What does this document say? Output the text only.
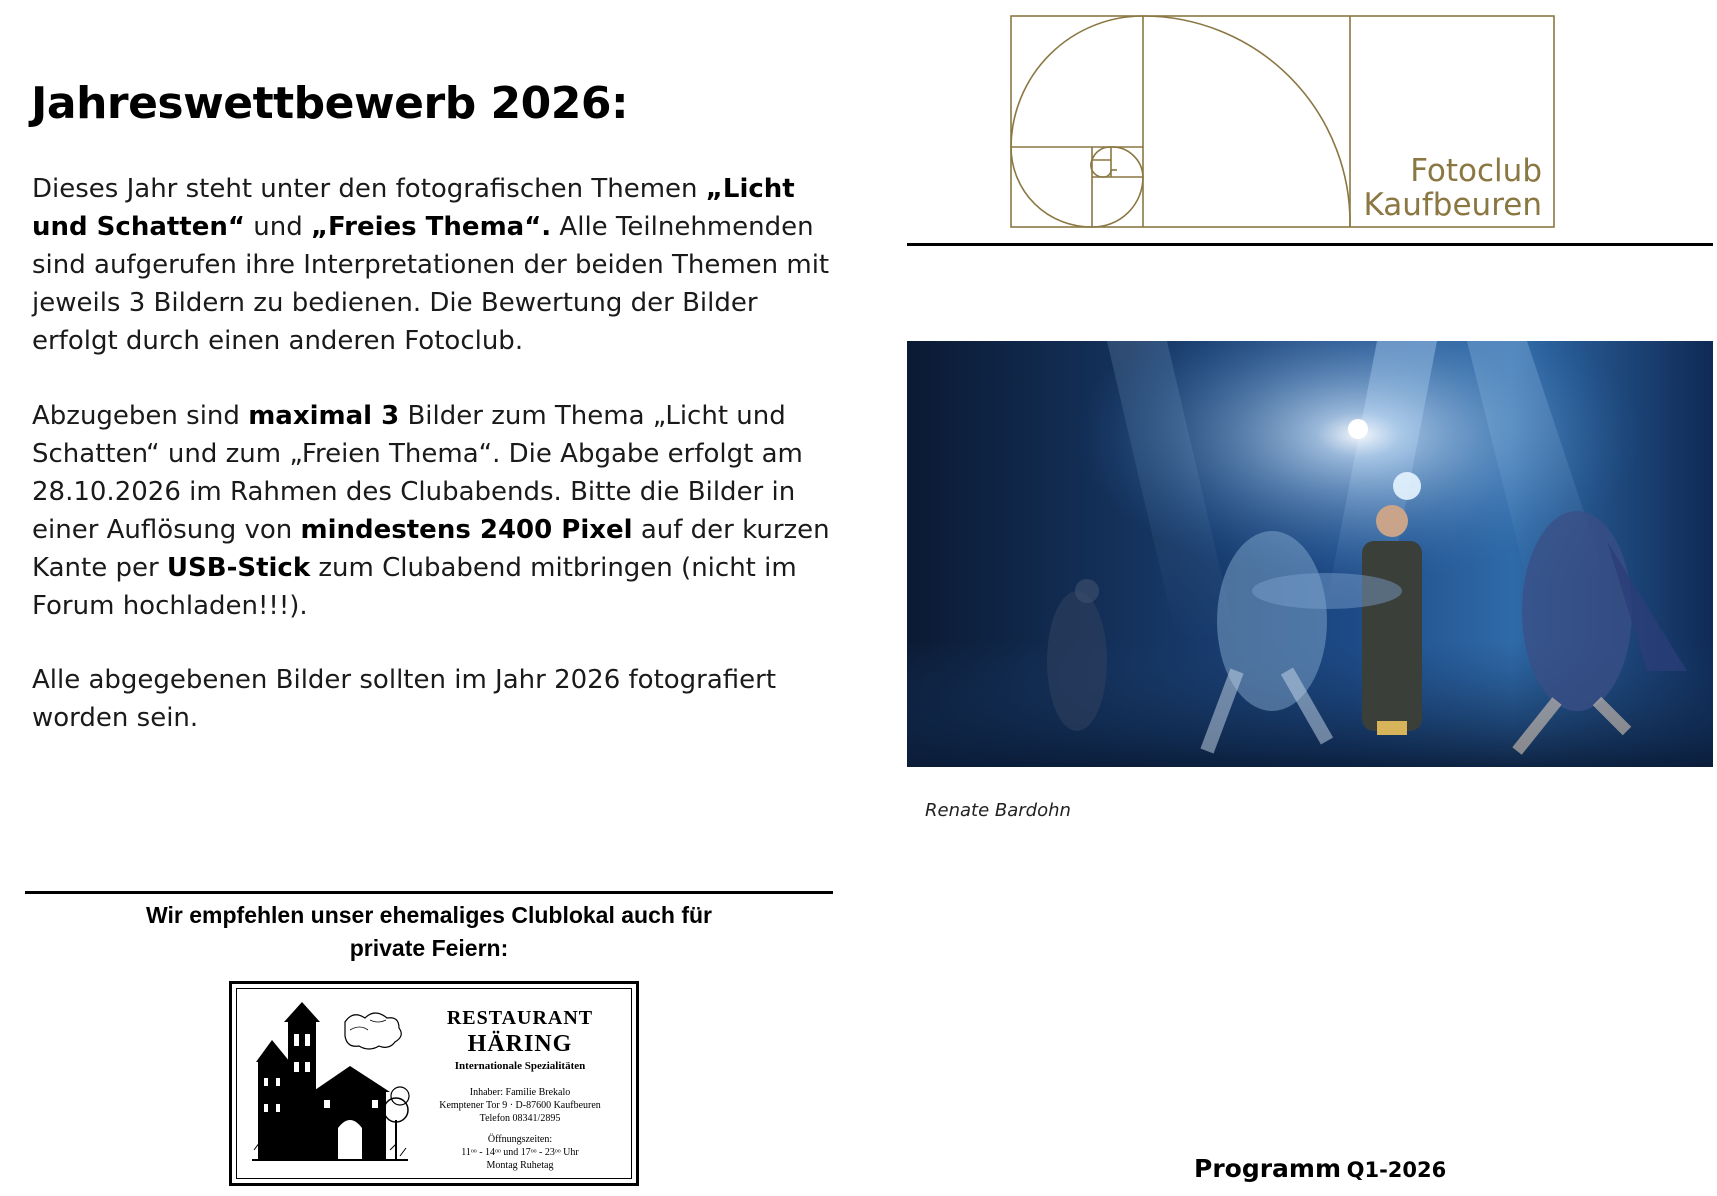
Jahreswettbewerb 2026:

Dieses Jahr steht unter den fotografischen Themen „Licht und Schatten“ und „Freies Thema“. Alle Teilnehmenden sind aufgerufen ihre Interpretationen der beiden Themen mit jeweils 3 Bildern zu bedienen. Die Bewertung der Bilder erfolgt durch einen anderen Fotoclub.

Abzugeben sind maximal 3 Bilder zum Thema „Licht und Schatten“ und zum „Freien Thema“. Die Abgabe erfolgt am 28.10.2026 im Rahmen des Clubabends. Bitte die Bilder in einer Auflösung von mindestens 2400 Pixel auf der kurzen Kante per USB-Stick zum Clubabend mitbringen (nicht im Forum hochladen!!!).

Alle abgegebenen Bilder sollten im Jahr 2026 fotografiert worden sein.

Wir empfehlen unser ehemaliges Clublokal auch für
private Feiern:
RESTAURANT
HÄRING
Internationale Spezialitäten
Inhaber: Familie Brekalo
Kemptener Tor 9 · D-87600 Kaufbeuren
Telefon 08341/2895
Öffnungszeiten:
11ᵒᵒ - 14ᵒᵒ und 17ᵒᵒ - 23ᵒᵒ Uhr
Montag Ruhetag
Fotoclub
Kaufbeuren
Renate Bardohn
Programm Q1-2026
